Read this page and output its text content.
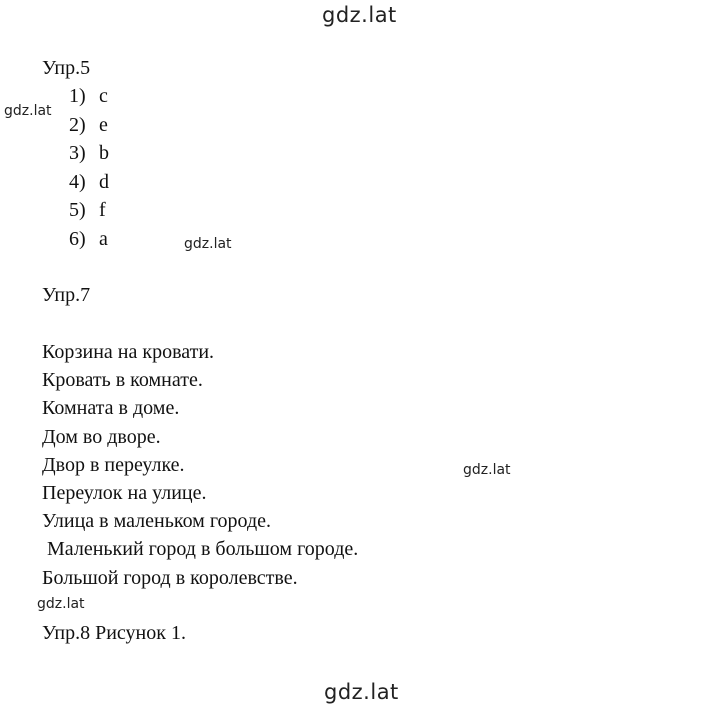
gdz.lat
gdz.lat
gdz.lat
gdz.lat
gdz.lat
gdz.lat
Упр.5
1) c
2) e
3) b
4) d
5) f
6) a
Упр.7
Корзина на кровати.
Кровать в комнате.
Комната в доме.
Дом во дворе.
Двор в переулке.
Переулок на улице.
Улица в маленьком городе.
Маленький город в большом городе.
Большой город в королевстве.
Упр.8 Рисунок 1.
